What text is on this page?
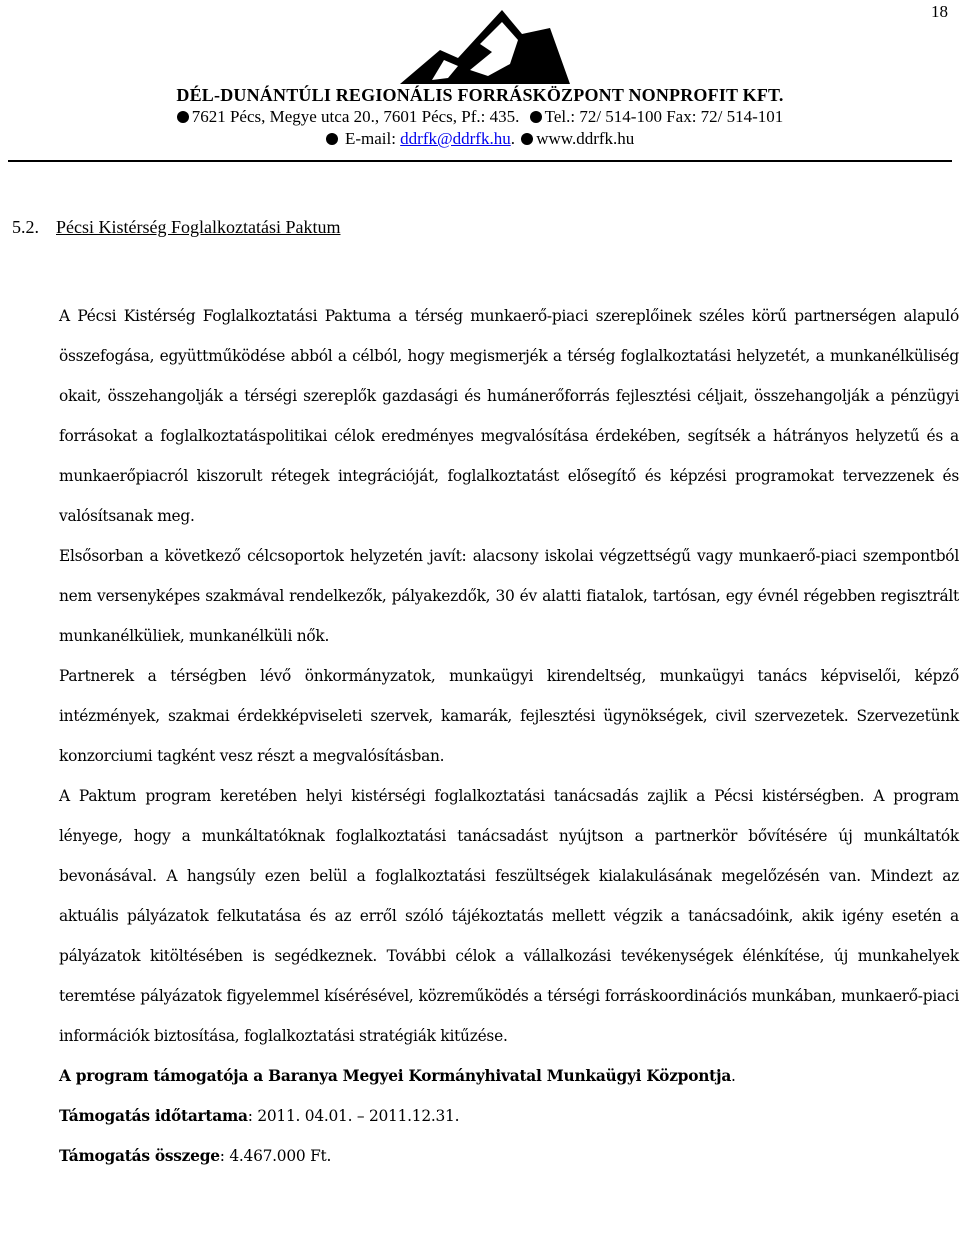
18
DÉL-DUNÁNTÚLI REGIONÁLIS FORRÁSKÖZPONT NONPROFIT KFT.
7621 Pécs, Megye utca 20., 7601 Pécs, Pf.: 435. Tel.: 72/ 514-100 Fax: 72/ 514-101
E-mail: ddrfk@ddrfk.hu. www.ddrfk.hu
5.2. Pécsi Kistérség Foglalkoztatási Paktum

A Pécsi Kistérség Foglalkoztatási Paktuma a térség munkaerő-piaci szereplőinek széles körű partnerségen alapuló összefogása, együttműködése abból a célból, hogy megismerjék a térség foglalkoztatási helyzetét, a munkanélküliség okait, összehangolják a térségi szereplők gazdasági és humánerőforrás fejlesztési céljait, összehangolják a pénzügyi forrásokat a foglalkoztatáspolitikai célok eredményes megvalósítása érdekében, segítsék a hátrányos helyzetű és a munkaerőpiacról kiszorult rétegek integrációját, foglalkoztatást elősegítő és képzési programokat tervezzenek és valósítsanak meg.

Elsősorban a következő célcsoportok helyzetén javít: alacsony iskolai végzettségű vagy munkaerő-piaci szempontból nem versenyképes szakmával rendelkezők, pályakezdők, 30 év alatti fiatalok, tartósan, egy évnél régebben regisztrált munkanélküliek, munkanélküli nők.

Partnerek a térségben lévő önkormányzatok, munkaügyi kirendeltség, munkaügyi tanács képviselői, képző intézmények, szakmai érdekképviseleti szervek, kamarák, fejlesztési ügynökségek, civil szervezetek. Szervezetünk konzorciumi tagként vesz részt a megvalósításban.

A Paktum program keretében helyi kistérségi foglalkoztatási tanácsadás zajlik a Pécsi kistérségben. A program lényege, hogy a munkáltatóknak foglalkoztatási tanácsadást nyújtson a partnerkör bővítésére új munkáltatók bevonásával. A hangsúly ezen belül a foglalkoztatási feszültségek kialakulásának megelőzésén van. Mindezt az aktuális pályázatok felkutatása és az erről szóló tájékoztatás mellett végzik a tanácsadóink, akik igény esetén a pályázatok kitöltésében is segédkeznek. További célok a vállalkozási tevékenységek élénkítése, új munkahelyek teremtése pályázatok figyelemmel kísérésével, közreműködés a térségi forráskoordinációs munkában, munkaerő-piaci információk biztosítása, foglalkoztatási stratégiák kitűzése.

A program támogatója a Baranya Megyei Kormányhivatal Munkaügyi Központja.

Támogatás időtartama: 2011. 04.01. – 2011.12.31.

Támogatás összege: 4.467.000 Ft.
